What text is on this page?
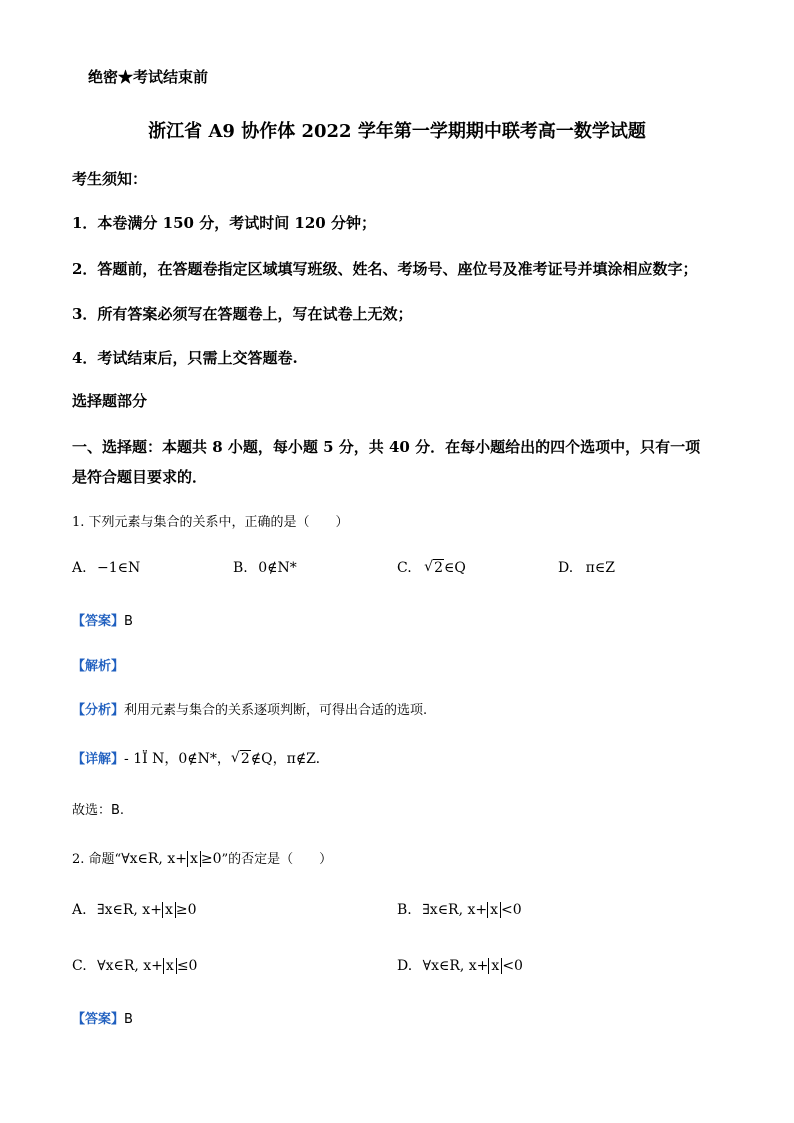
绝密★考试结束前
浙江省 A9 协作体 2022 学年第一学期期中联考高一数学试题
考生须知：
1．本卷满分 150 分，考试时间 120 分钟；
2．答题前，在答题卷指定区域填写班级、姓名、考场号、座位号及准考证号并填涂相应数字；
3．所有答案必须写在答题卷上，写在试卷上无效；
4．考试结束后，只需上交答题卷.
选择题部分
一、选择题：本题共 8 小题，每小题 5 分，共 40 分．在每小题给出的四个选项中，只有一项
是符合题目要求的．
1. 下列元素与集合的关系中，正确的是（　　）
A. −1∈N	B. 0∉N*	C. √ 2∈Q	D. π∈Z
【答案】B
【解析】
【分析】利用元素与集合的关系逐项判断，可得出合适的选项.
【详解】- 1Ï N，0∉N*， √ 2∉Q，π∉Z.
故选：B.
2. 命题“∀x∈R, x+ x ≥0”的否定是（　　）
A. ∃x∈R, x+ x ≥0	B. ∃x∈R, x+ x <0
C. ∀x∈R, x+ x ≤0	D. ∀x∈R, x+ x <0
【答案】B
